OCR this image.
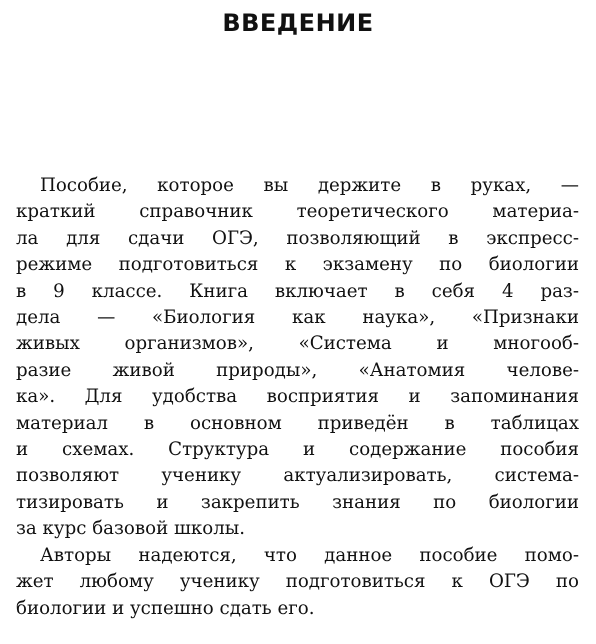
ВВЕДЕНИЕ

Пособие, которое вы держите в руках, —
краткий справочник теоретического материа-
ла для сдачи ОГЭ, позволяющий в экспресс-
режиме подготовиться к экзамену по биологии
в 9 классе. Книга включает в себя 4 раз-
дела — «Биология как наука», «Признаки
живых организмов», «Система и многооб-
разие живой природы», «Анатомия челове-
ка». Для удобства восприятия и запоминания
материал в основном приведён в таблицах
и схемах. Структура и содержание пособия
позволяют ученику актуализировать, система-
тизировать и закрепить знания по биологии
за курс базовой школы.

Авторы надеются, что данное пособие помо-
жет любому ученику подготовиться к ОГЭ по
биологии и успешно сдать его.
